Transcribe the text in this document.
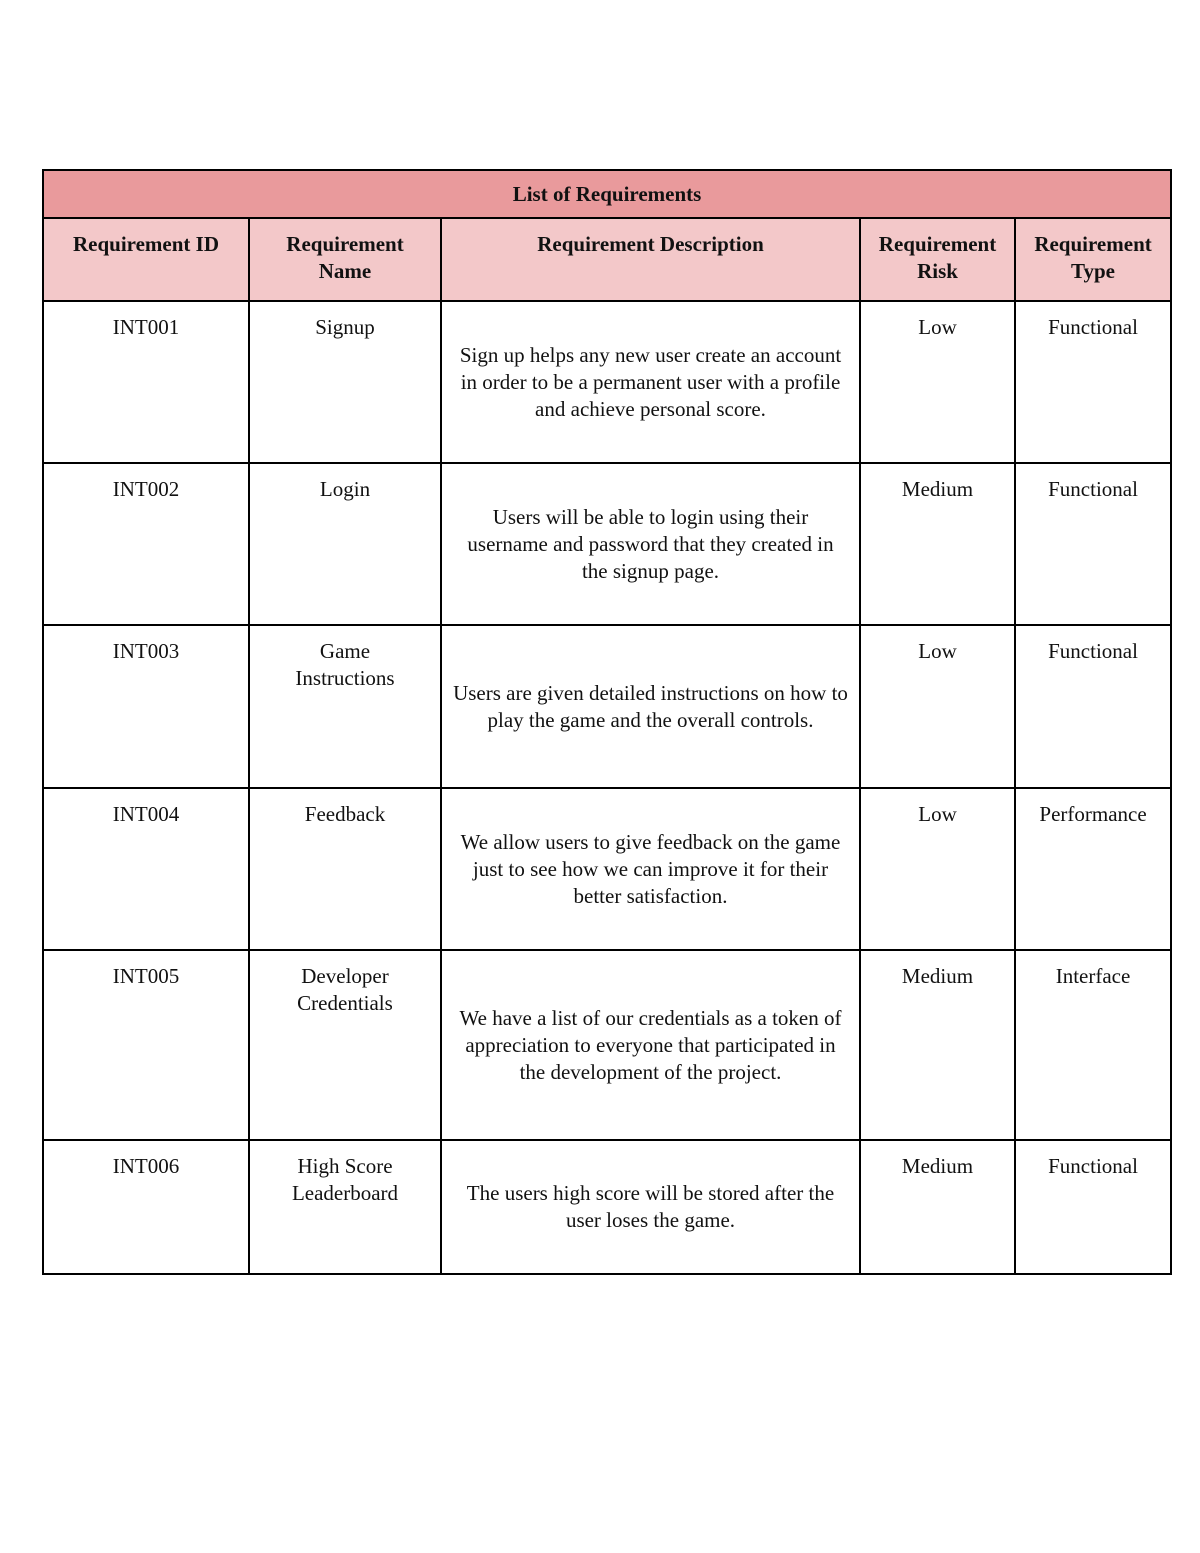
List of Requirements				
Requirement ID	Requirement Name	Requirement Description	Requirement Risk	Requirement Type
INT001	Signup	Sign up helps any new user create an account in order to be a permanent user with a profile and achieve personal score.	Low	Functional
INT002	Login	Users will be able to login using their username and password that they created in the signup page.	Medium	Functional
INT003	Game Instructions	Users are given detailed instructions on how to play the game and the overall controls.	Low	Functional
INT004	Feedback	We allow users to give feedback on the game just to see how we can improve it for their better satisfaction.	Low	Performance
INT005	Developer Credentials	We have a list of our credentials as a token of appreciation to everyone that participated in the development of the project.	Medium	Interface
INT006	High Score Leaderboard	The users high score will be stored after the user loses the game.	Medium	Functional
